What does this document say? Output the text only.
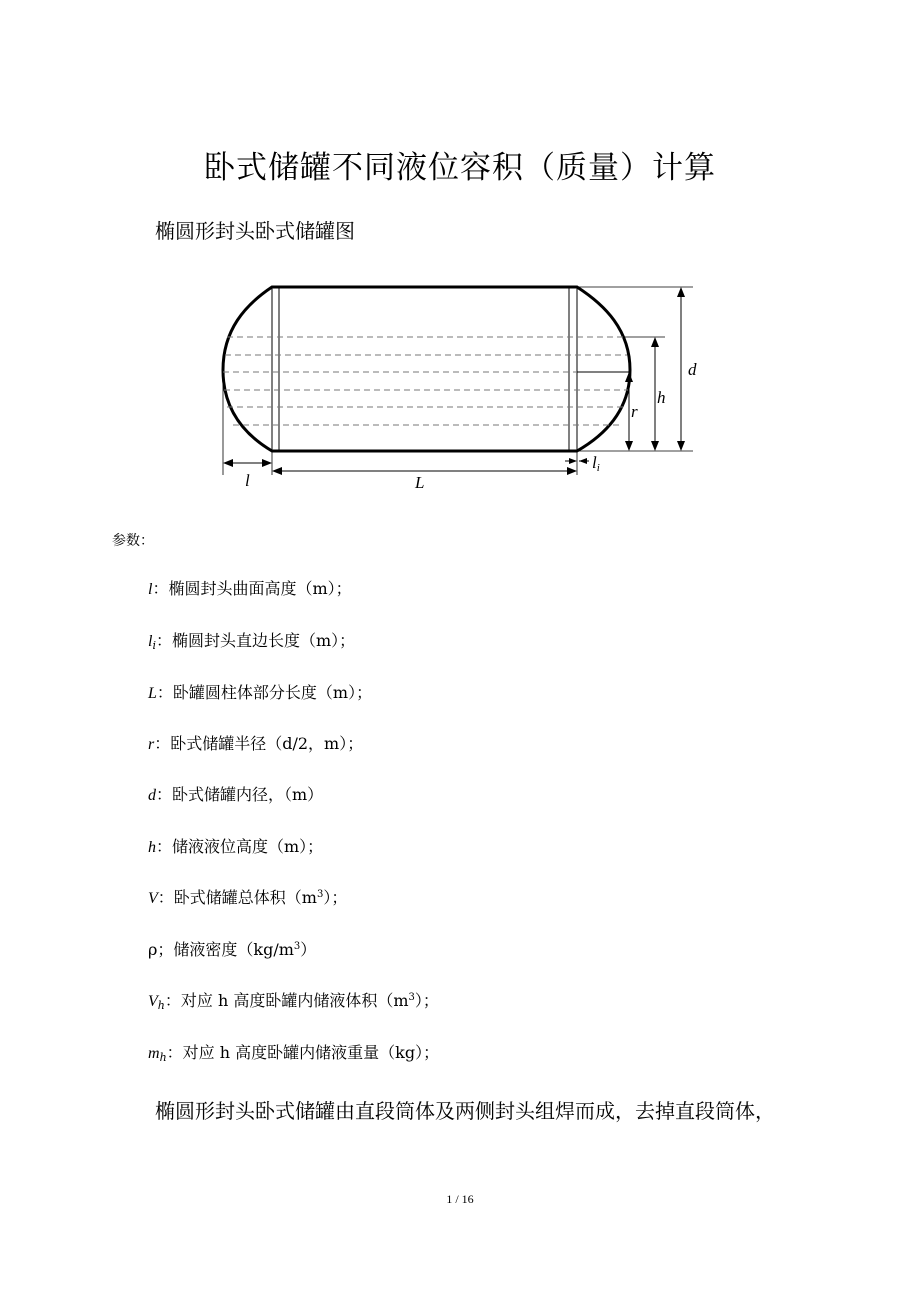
卧式储罐不同液位容积（质量）计算
椭圆形封头卧式储罐图
d
h
r
l	L
li
参数：
l：椭圆封头曲面高度（m）；
$l_i$：椭圆封头直边长度（m）；
L：卧罐圆柱体部分长度（m）；
r：卧式储罐半径（d/2，m）；
d：卧式储罐内径，（m）
h：储液液位高度（m）；
V：卧式储罐总体积$(m^3)$；
ρ；储液密度$(kg/m^3)$
$V_h$：对应 h 高度卧罐内储液体积$(m^3)$；
$m_h$：对应 h 高度卧罐内储液重量（kg）；
椭圆形封头卧式储罐由直段筒体及两侧封头组焊而成，去掉直段筒体，
1 / 16
